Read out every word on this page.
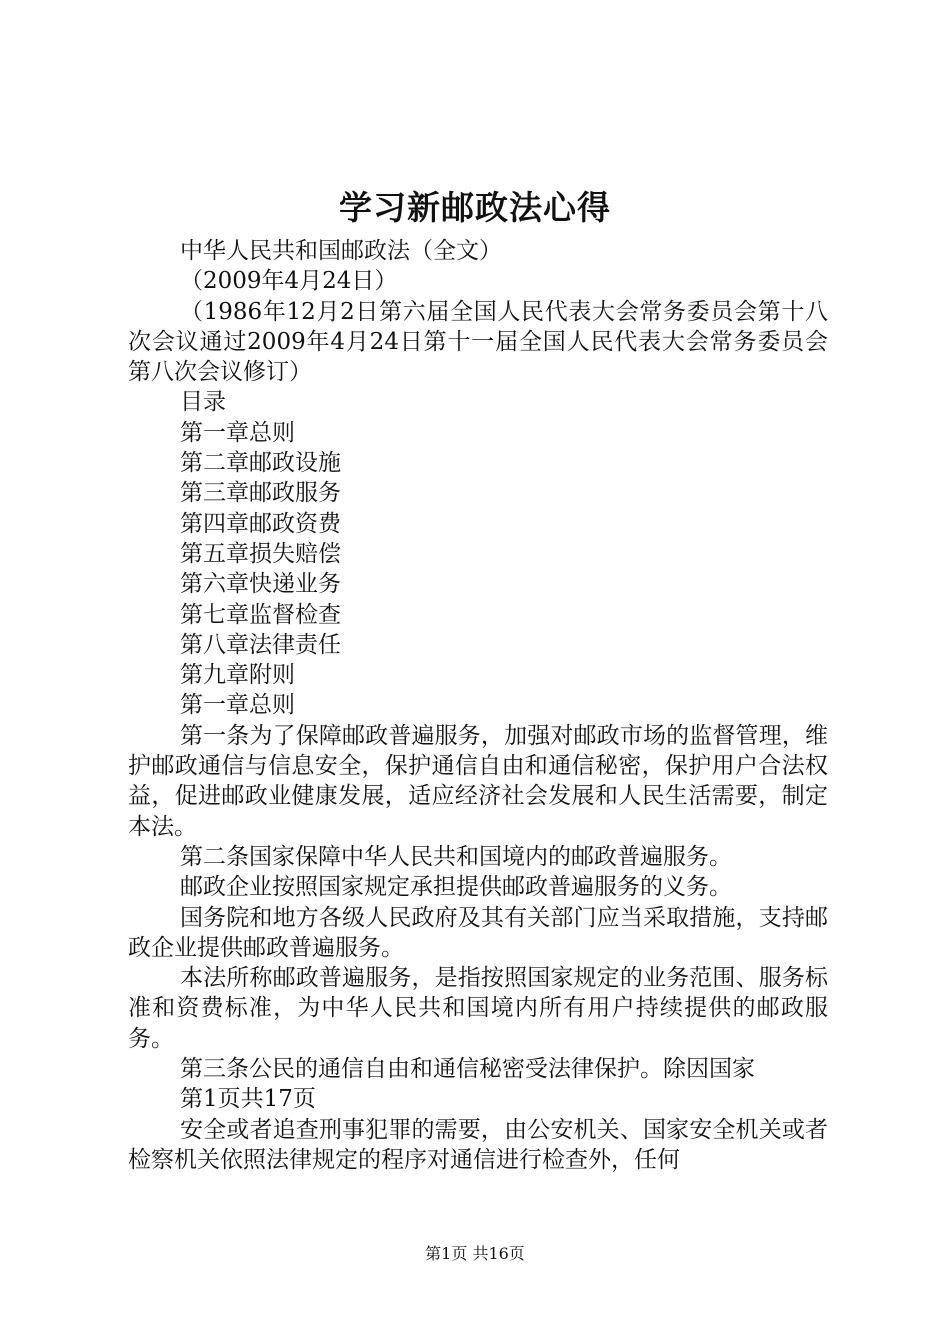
学习新邮政法心得

中华人民共和国邮政法（全文）

（2009年4月24日）

（1986年12月2日第六届全国人民代表大会常务委员会第十八次会议通过2009年4月24日第十一届全国人民代表大会常务委员会第八次会议修订）

目录

第一章总则

第二章邮政设施

第三章邮政服务

第四章邮政资费

第五章损失赔偿

第六章快递业务

第七章监督检查

第八章法律责任

第九章附则

第一章总则

第一条为了保障邮政普遍服务，加强对邮政市场的监督管理，维护邮政通信与信息安全，保护通信自由和通信秘密，保护用户合法权益，促进邮政业健康发展，适应经济社会发展和人民生活需要，制定本法。

第二条国家保障中华人民共和国境内的邮政普遍服务。

邮政企业按照国家规定承担提供邮政普遍服务的义务。

国务院和地方各级人民政府及其有关部门应当采取措施，支持邮政企业提供邮政普遍服务。

本法所称邮政普遍服务，是指按照国家规定的业务范围、服务标准和资费标准，为中华人民共和国境内所有用户持续提供的邮政服务。

第三条公民的通信自由和通信秘密受法律保护。除因国家

第1页共17页

安全或者追查刑事犯罪的需要，由公安机关、国家安全机关或者检察机关依照法律规定的程序对通信进行检查外，任何

第1页 共16页
